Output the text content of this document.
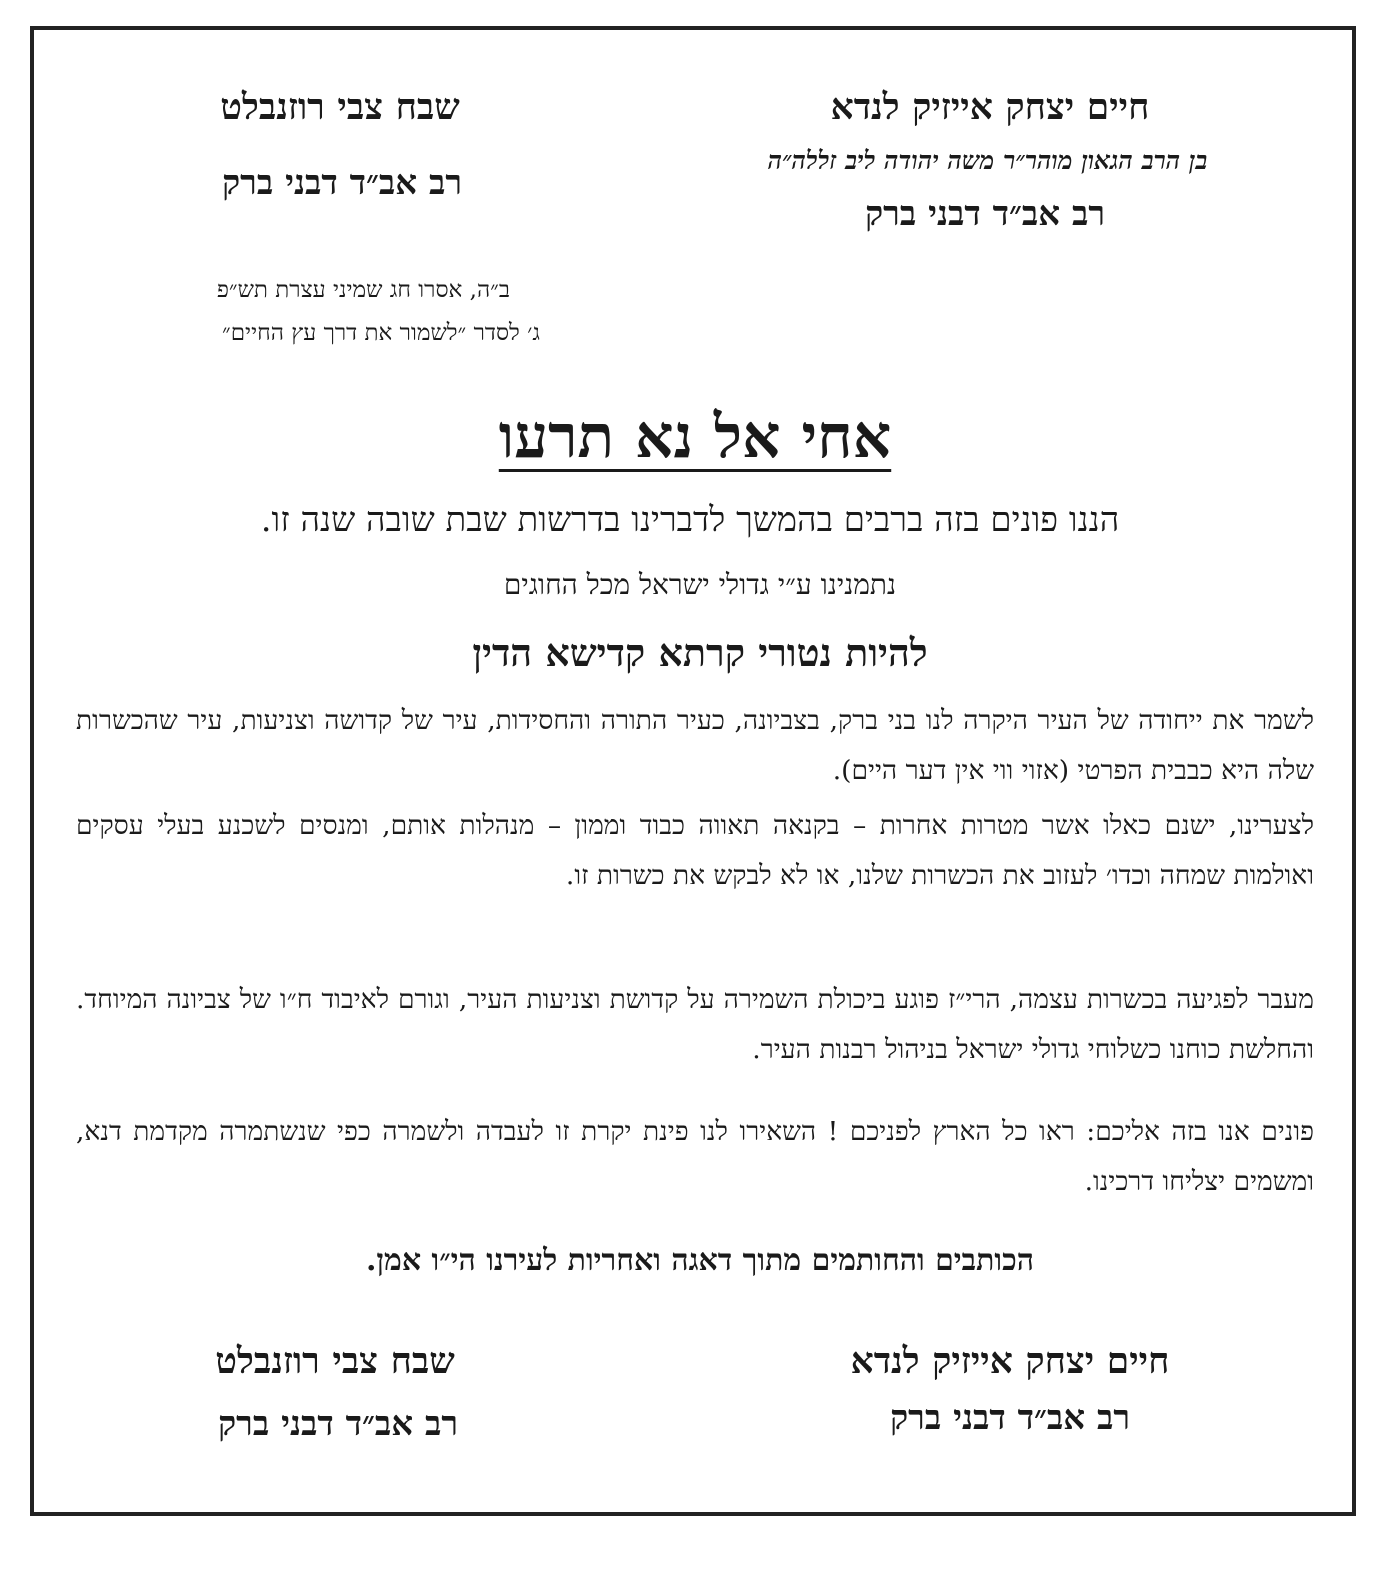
חיים יצחק אייזיק לנדא
בן הרב הגאון מוהר״ר משה יהודה ליב זללה״ה
רב אב״ד דבני ברק
שבח צבי רוזנבלט
רב אב״ד דבני ברק
ב״ה, אסרו חג שמיני עצרת תש״פ
ג׳ לסדר ״לשמור את דרך עץ החיים״
אחי אל נא תרעו
הננו פונים בזה ברבים בהמשך לדברינו בדרשות שבת שובה שנה זו.
נתמנינו ע״י גדולי ישראל מכל החוגים
להיות נטורי קרתא קדישא הדין
לשמר את ייחודה של העיר היקרה לנו בני ברק, בצביונה, כעיר התורה והחסידות, עיר של קדושה וצניעות, עיר שהכשרות שלה היא כבבית הפרטי (אזוי ווי אין דער היים).
לצערינו, ישנם כאלו אשר מטרות אחרות – בקנאה תאווה כבוד וממון – מנהלות אותם, ומנסים לשכנע בעלי עסקים ואולמות שמחה וכדו׳ לעזוב את הכשרות שלנו, או לא לבקש את כשרות זו.
מעבר לפגיעה בכשרות עצמה, הרי״ז פוגע ביכולת השמירה על קדושת וצניעות העיר, וגורם לאיבוד ח״ו של צביונה המיוחד. והחלשת כוחנו כשלוחי גדולי ישראל בניהול רבנות העיר.
פונים אנו בזה אליכם: ראו כל הארץ לפניכם ! השאירו לנו פינת יקרת זו לעבדה ולשמרה כפי שנשתמרה מקדמת דנא, ומשמים יצליחו דרכינו.
הכותבים והחותמים מתוך דאגה ואחריות לעירנו הי״ו אמן.
חיים יצחק אייזיק לנדא
רב אב״ד דבני ברק
שבח צבי רוזנבלט
רב אב״ד דבני ברק
